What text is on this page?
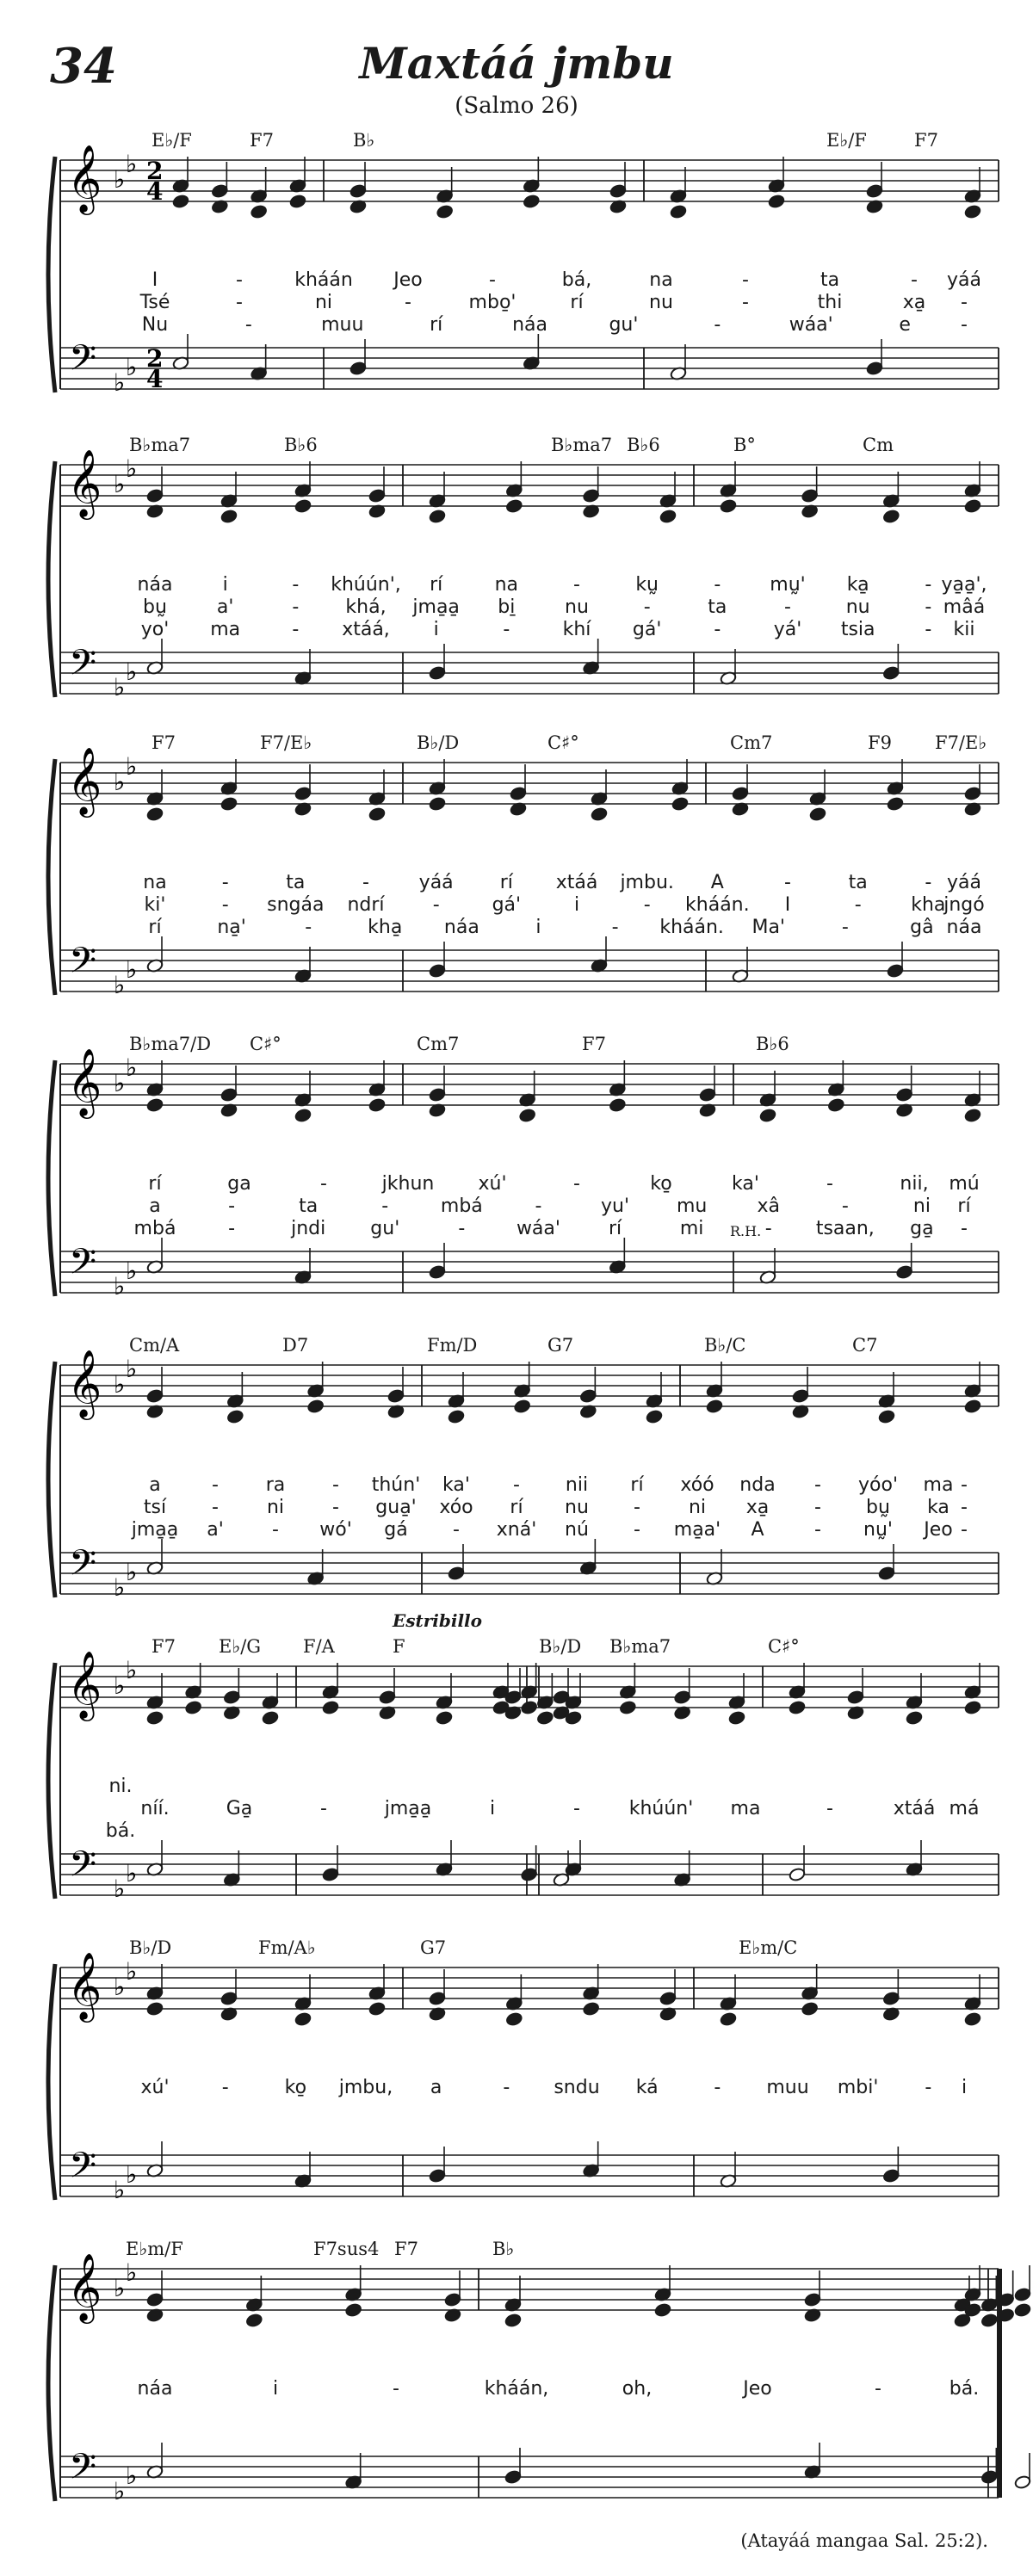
34	Maxtáá jmbu
(Salmo 26)
𝄞
𝄢
♭
♭
♭
♭
2
4
2
4
E♭/F	F7	B♭	E♭/F	F7
I	-	kháán Jeo	-	bá,	na	-	ta	- yáá
Tsé	-	ni	-	mbo̱'	rí	nu	-	thi	xa̱ -
Nu	-	muu	rí	náa	gu'	-	wáa'	e	-
𝄞
𝄢
♭
♭
♭
♭
B♭ma7	B♭6	B♭ma7 B♭6	B°	Cm
náa	i	- khúún', rí	na	-	kṵ	-	mṵ' ka̱	- ya̱a̱',
bṵ	a'	- khá, jma̱a̱ bi̱	nu	-	ta	-	nu	- mâá
yo' ma	- xtáá, i	-	khí gá'	-	yá' tsia	- kii
𝄞
𝄢
♭
♭
♭
♭
F7	F7/E♭	B♭/D	C♯°	Cm7	F9 F7/E♭
na	-	ta	-	yáá rí xtáá jmbu. A	-	ta	- yáá
ki'	- sngáa ndrí	-	gá'	i	- kháán. I	-	kha
jngó
rí	na̱'	-	kha̱ náa	i	- kháán. Ma'	-	gâ náa
𝄞
𝄢
♭
♭
♭
♭
B♭ma7/D C♯°	Cm7	F7	B♭6
R.H.
rí	ga	-	jkhun xú'	-	ko̱	ka'	-	nii, mú
a	-	ta	-	mbá	-	yu' mu	xâ	-	ni rí
mbá	-	jndi gu'	-	wáa'	rí	mi	- tsaan, ga̱ -
𝄞
𝄢
♭
♭
♭
♭
Cm/A	D7	Fm/D	G7	B♭/C	C7
a	- ra - thún' ka' - nii rí xóó nda - yóo' ma -
tsí -	ni	- gua̱' xóo rí nu -	ni xa̱ - bṵ ka -
jma̱a̱ a'	- wó' gá - xná' nú - ma̱a' A	- nṵ' Jeo -
𝄞
𝄢
♭
♭
♭
♭
F7 E♭/G F/A	F	B♭/D B♭ma7	C♯°
Estribillo
ni.
níí.	Ga̱	-	jma̱a̱	i	-	khúún' ma	-	xtáá má
bá.
𝄞
𝄢
♭
♭
♭
♭
B♭/D	Fm/A♭	G7	E♭m/C
xú'	-	ko̱ jmbu, a	- sndu ká	- muu mbi' - i
𝄞
𝄢
♭
♭
♭
♭
E♭m/F	F7sus4 F7	B♭
náa	i	-	kháán,	oh,	Jeo	-	bá.
(Atayáá mangaa Sal. 25:2).
